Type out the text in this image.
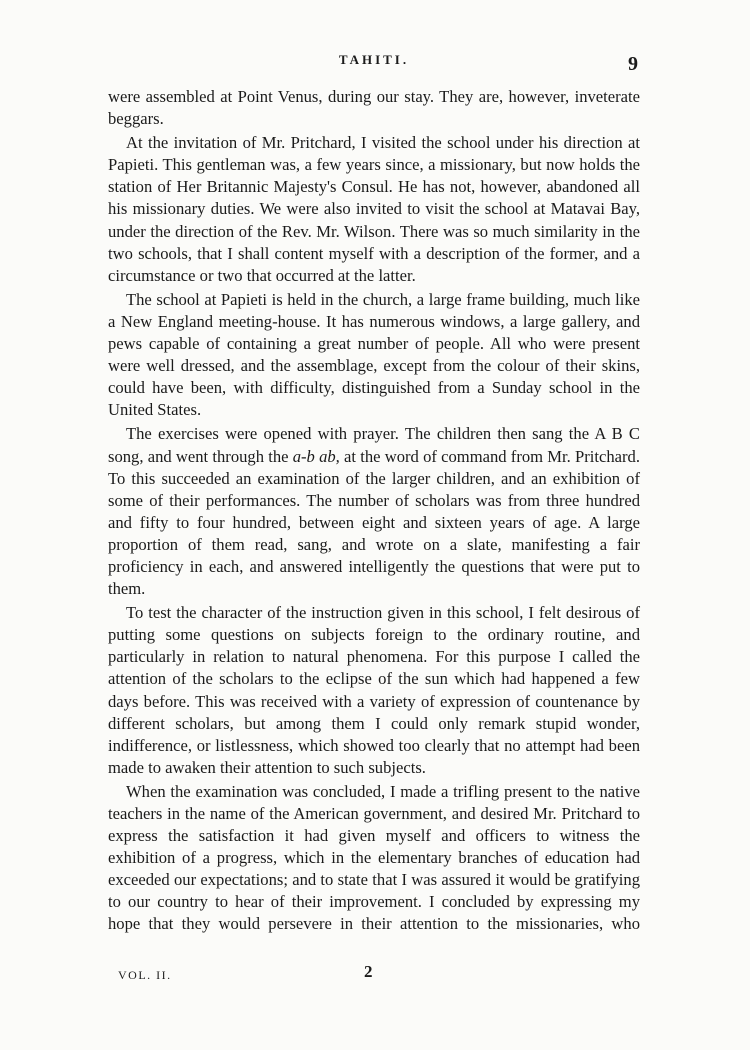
TAHITI.	9

were assembled at Point Venus, during our stay. They are, however, inveterate beggars.

At the invitation of Mr. Pritchard, I visited the school under his direction at Papieti. This gentleman was, a few years since, a missionary, but now holds the station of Her Britannic Majesty's Consul. He has not, however, abandoned all his missionary duties. We were also invited to visit the school at Matavai Bay, under the direction of the Rev. Mr. Wilson. There was so much similarity in the two schools, that I shall content myself with a description of the former, and a circumstance or two that occurred at the latter.

The school at Papieti is held in the church, a large frame building, much like a New England meeting-house. It has numerous windows, a large gallery, and pews capable of containing a great number of people. All who were present were well dressed, and the assemblage, except from the colour of their skins, could have been, with difficulty, distinguished from a Sunday school in the United States.

The exercises were opened with prayer. The children then sang the A B C song, and went through the a-b ab, at the word of command from Mr. Pritchard. To this succeeded an examination of the larger children, and an exhibition of some of their performances. The number of scholars was from three hundred and fifty to four hundred, between eight and sixteen years of age. A large proportion of them read, sang, and wrote on a slate, manifesting a fair proficiency in each, and answered intelligently the questions that were put to them.

To test the character of the instruction given in this school, I felt desirous of putting some questions on subjects foreign to the ordinary routine, and particularly in relation to natural phenomena. For this purpose I called the attention of the scholars to the eclipse of the sun which had happened a few days before. This was received with a variety of expression of countenance by different scholars, but among them I could only remark stupid wonder, indifference, or listlessness, which showed too clearly that no attempt had been made to awaken their attention to such subjects.

When the examination was concluded, I made a trifling present to the native teachers in the name of the American government, and desired Mr. Pritchard to express the satisfaction it had given myself and officers to witness the exhibition of a progress, which in the elementary branches of education had exceeded our expectations; and to state that I was assured it would be gratifying to our country to hear of their improvement. I concluded by expressing my hope that they would persevere in their attention to the missionaries, who

VOL. II.	2
